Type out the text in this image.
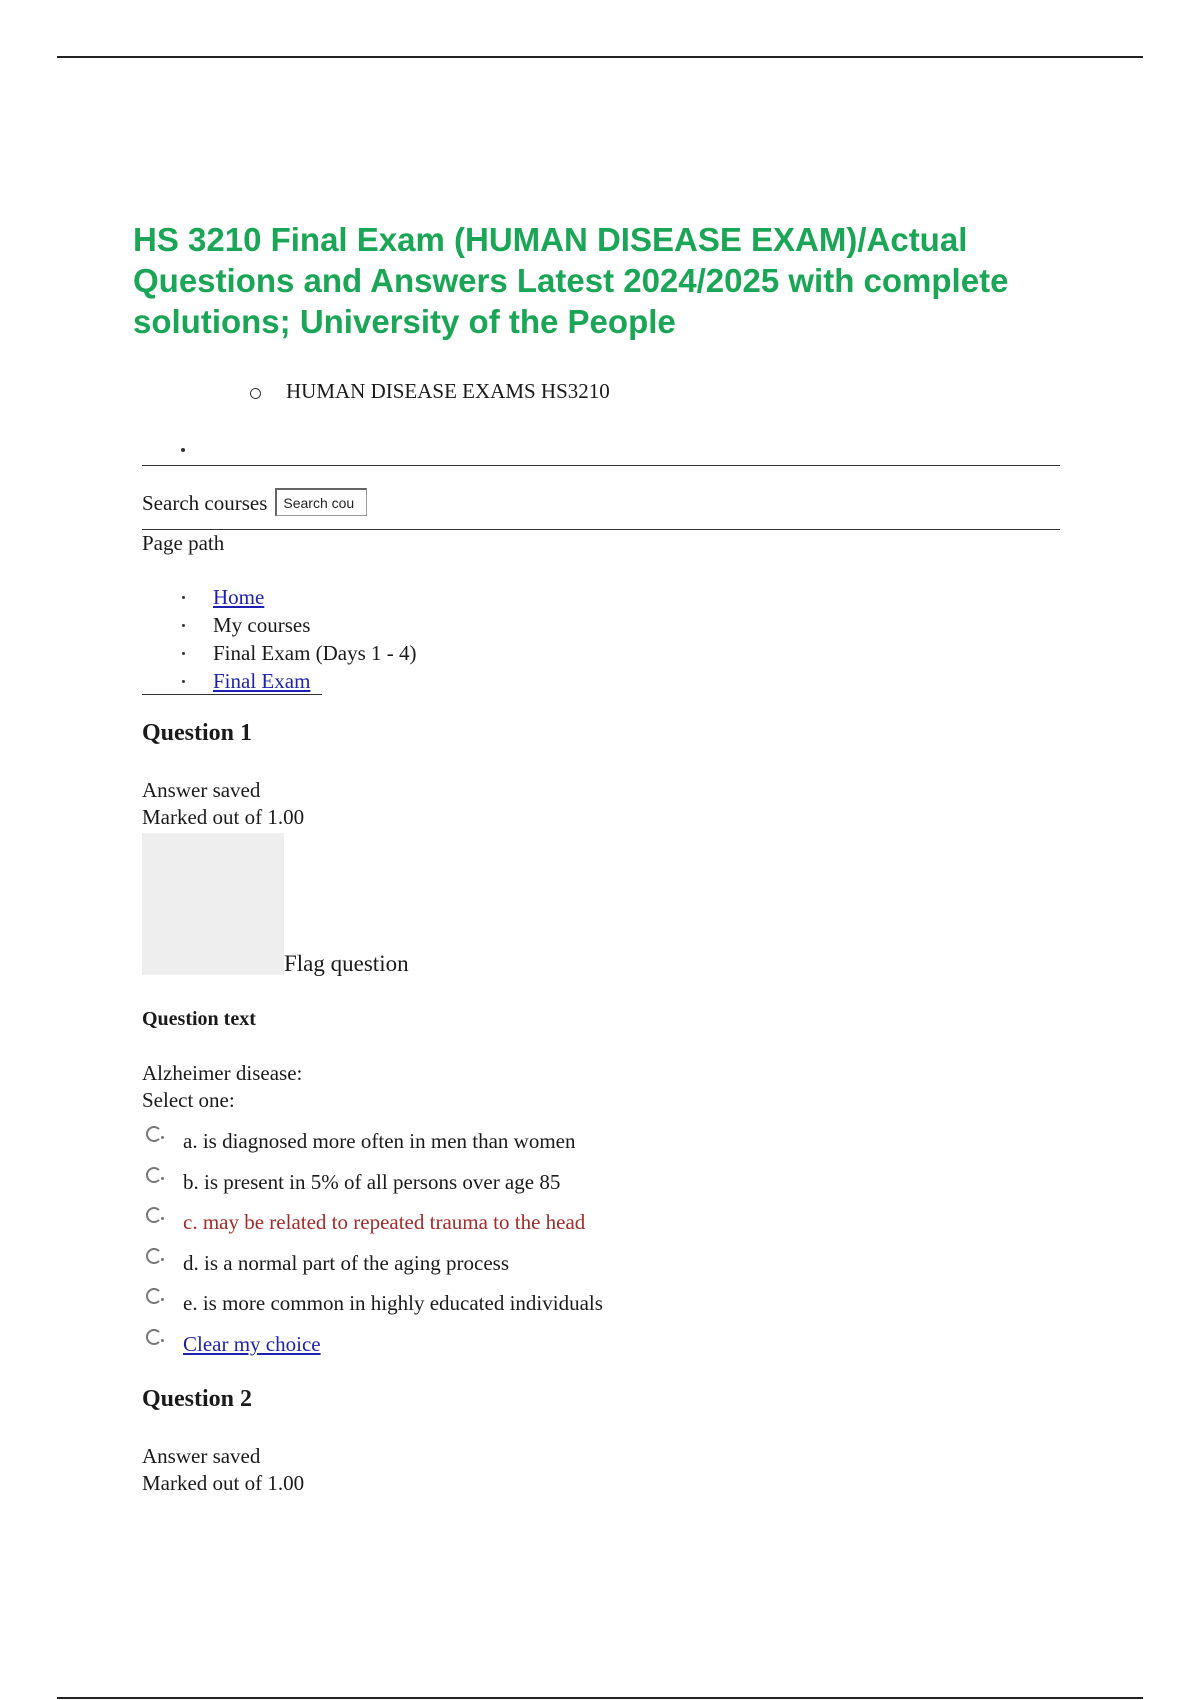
HS 3210 Final Exam (HUMAN DISEASE EXAM)/Actual Questions and Answers Latest 2024/2025 with complete solutions; University of the People
HUMAN DISEASE EXAMS HS3210
Search courses
Search cou
Page path
Home
My courses
Final Exam (Days 1 - 4)
Final Exam
Question 1
Answer saved
Marked out of 1.00
Flag question
Question text
Alzheimer disease:
Select one:
a. is diagnosed more often in men than women
b. is present in 5% of all persons over age 85
c. may be related to repeated trauma to the head
d. is a normal part of the aging process
e. is more common in highly educated individuals
Clear my choice
Question 2
Answer saved
Marked out of 1.00
